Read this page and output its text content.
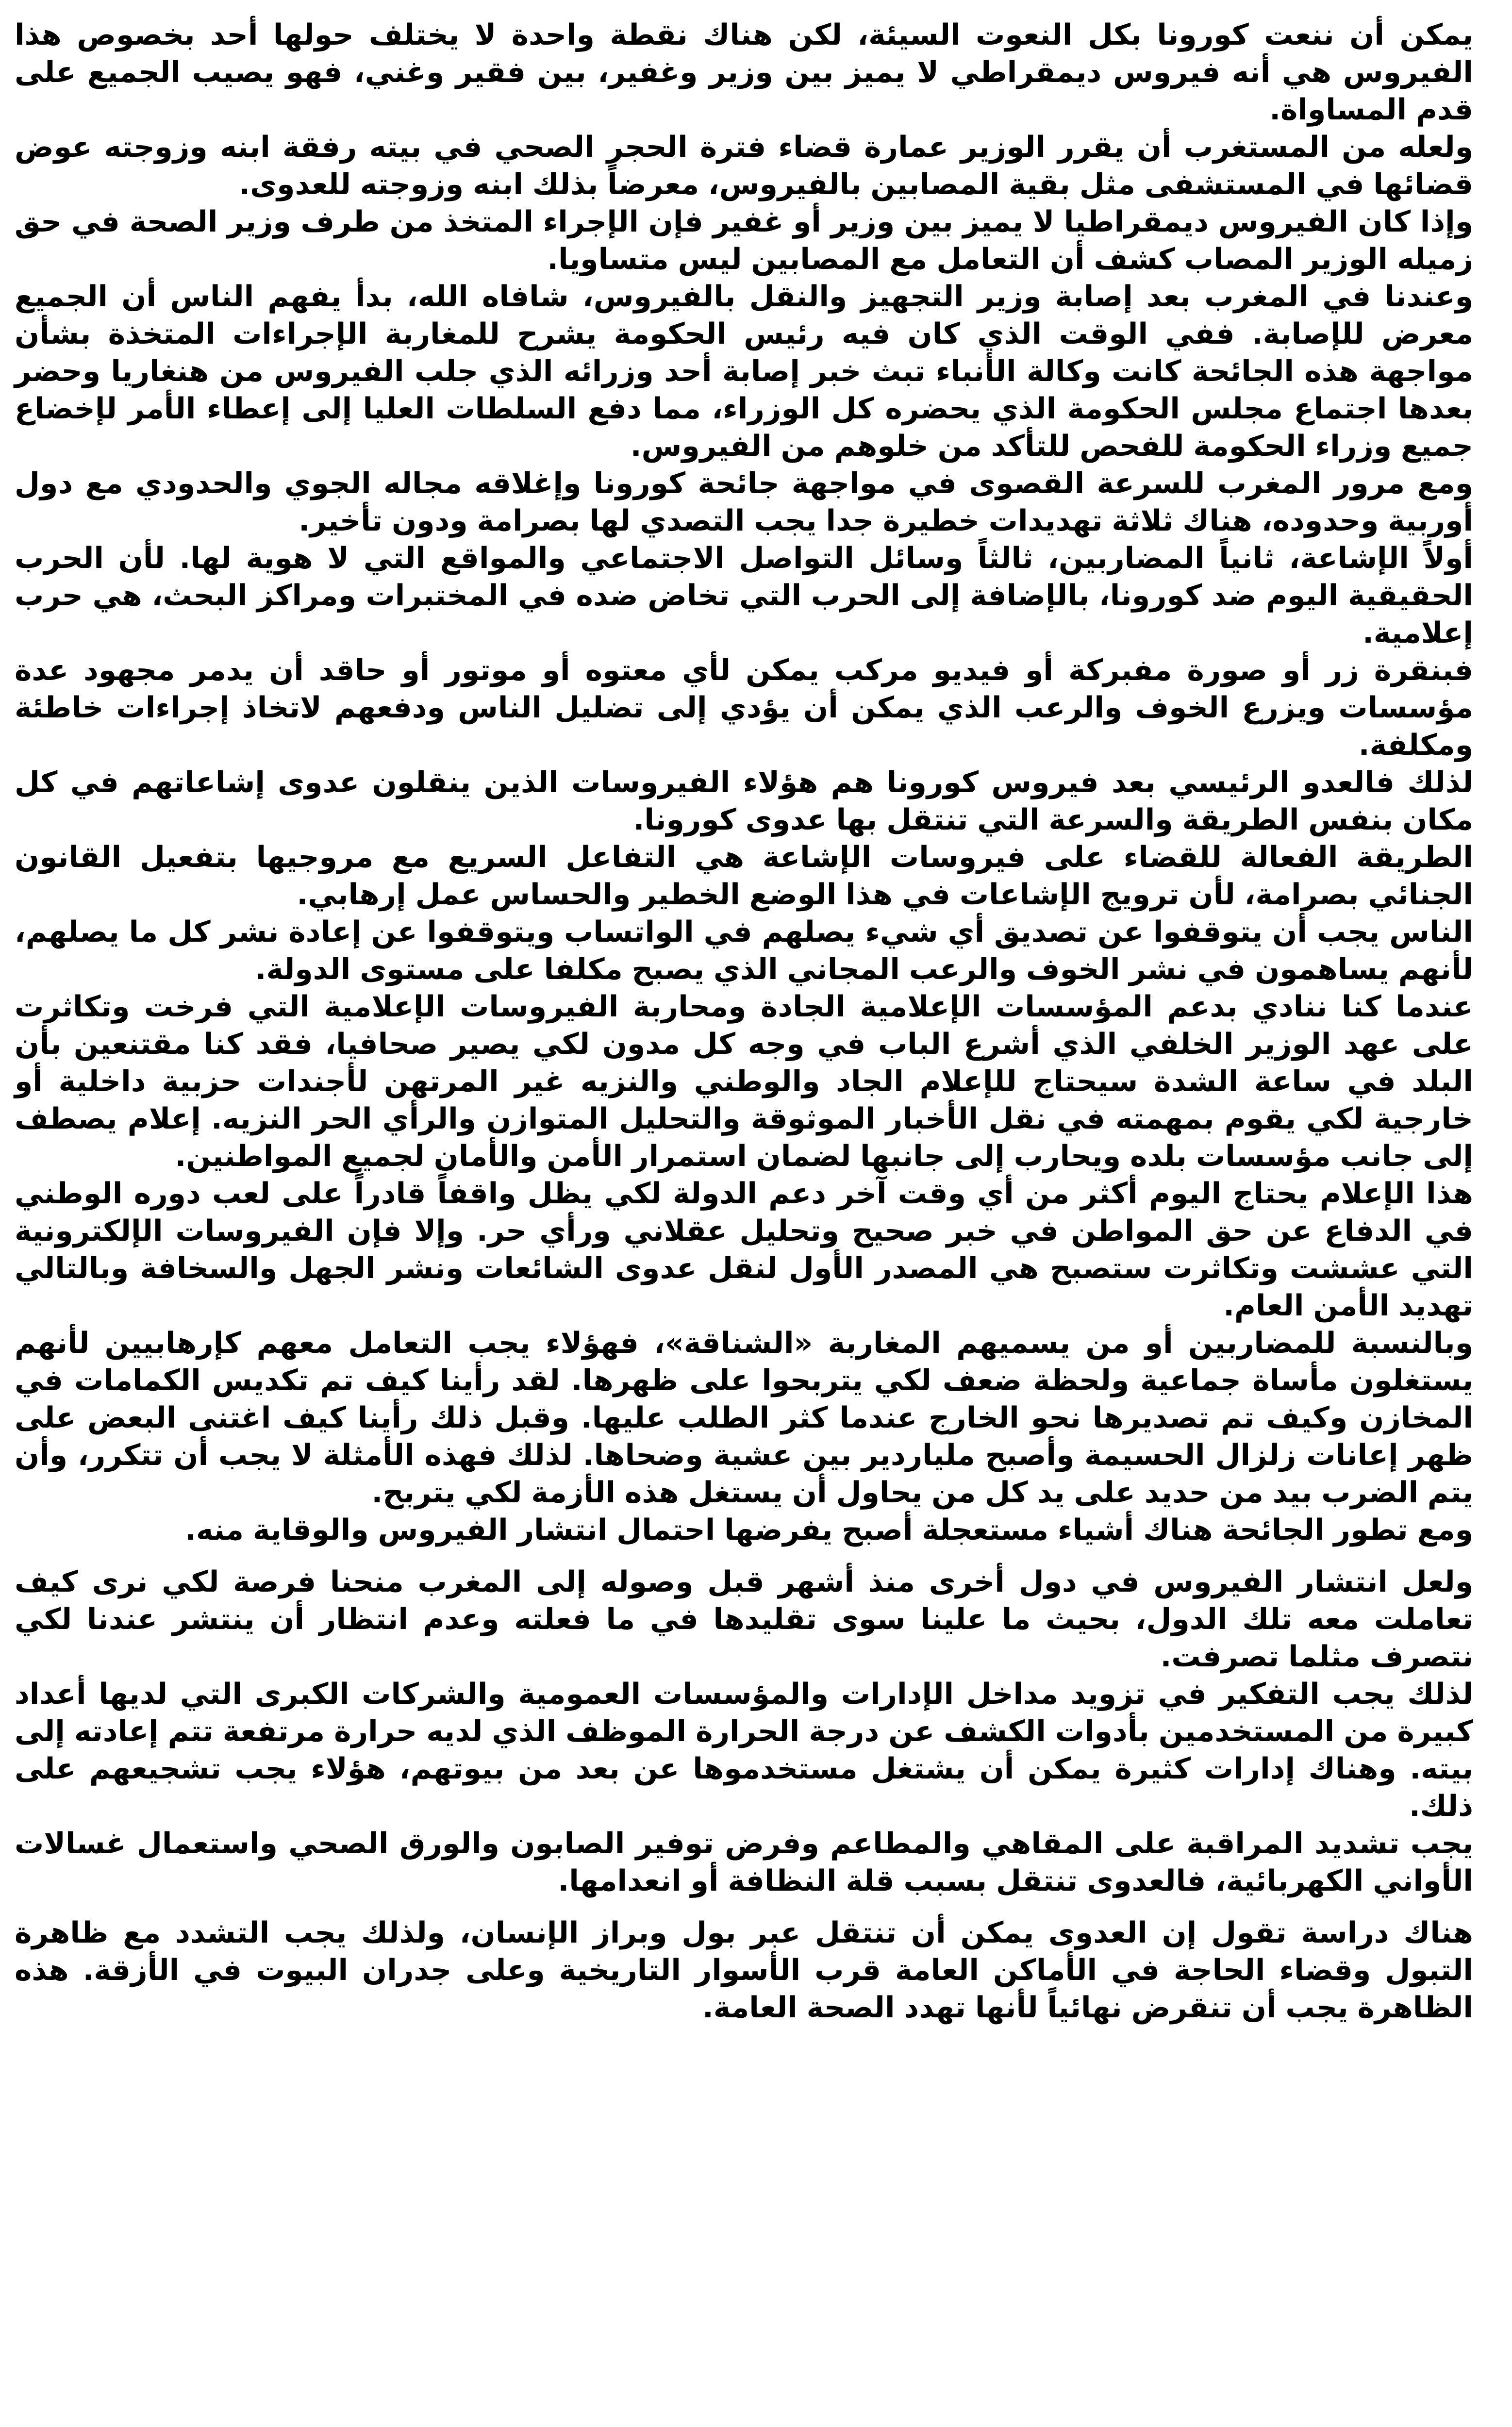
يمكن أن ننعت كورونا بكل النعوت السيئة، لكن هناك نقطة واحدة لا يختلف حولها أحد بخصوص هذا الفيروس هي أنه فيروس ديمقراطي لا يميز بين وزير وغفير، بين فقير وغني، فهو يصيب الجميع على قدم المساواة.

ولعله من المستغرب أن يقرر الوزير عمارة قضاء فترة الحجر الصحي في بيته رفقة ابنه وزوجته عوض قضائها في المستشفى مثل بقية المصابين بالفيروس، معرضاً بذلك ابنه وزوجته للعدوى.

وإذا كان الفيروس ديمقراطيا لا يميز بين وزير أو غفير فإن الإجراء المتخذ من طرف وزير الصحة في حق زميله الوزير المصاب كشف أن التعامل مع المصابين ليس متساويا.

وعندنا في المغرب بعد إصابة وزير التجهيز والنقل بالفيروس، شافاه الله، بدأ يفهم الناس أن الجميع معرض للإصابة. ففي الوقت الذي كان فيه رئيس الحكومة يشرح للمغاربة الإجراءات المتخذة بشأن مواجهة هذه الجائحة كانت وكالة الأنباء تبث خبر إصابة أحد وزرائه الذي جلب الفيروس من هنغاريا وحضر بعدها اجتماع مجلس الحكومة الذي يحضره كل الوزراء، مما دفع السلطات العليا إلى إعطاء الأمر لإخضاع جميع وزراء الحكومة للفحص للتأكد من خلوهم من الفيروس.

ومع مرور المغرب للسرعة القصوى في مواجهة جائحة كورونا وإغلاقه مجاله الجوي والحدودي مع دول أوربية وحدوده، هناك ثلاثة تهديدات خطيرة جدا يجب التصدي لها بصرامة ودون تأخير.

أولاً الإشاعة، ثانياً المضاربين، ثالثاً وسائل التواصل الاجتماعي والمواقع التي لا هوية لها. لأن الحرب الحقيقية اليوم ضد كورونا، بالإضافة إلى الحرب التي تخاض ضده في المختبرات ومراكز البحث، هي حرب إعلامية.

فبنقرة زر أو صورة مفبركة أو فيديو مركب يمكن لأي معتوه أو موتور أو حاقد أن يدمر مجهود عدة مؤسسات ويزرع الخوف والرعب الذي يمكن أن يؤدي إلى تضليل الناس ودفعهم لاتخاذ إجراءات خاطئة ومكلفة.

لذلك فالعدو الرئيسي بعد فيروس كورونا هم هؤلاء الفيروسات الذين ينقلون عدوى إشاعاتهم في كل مكان بنفس الطريقة والسرعة التي تنتقل بها عدوى كورونا.

الطريقة الفعالة للقضاء على فيروسات الإشاعة هي التفاعل السريع مع مروجيها بتفعيل القانون الجنائي بصرامة، لأن ترويج الإشاعات في هذا الوضع الخطير والحساس عمل إرهابي.

الناس يجب أن يتوقفوا عن تصديق أي شيء يصلهم في الواتساب ويتوقفوا عن إعادة نشر كل ما يصلهم، لأنهم يساهمون في نشر الخوف والرعب المجاني الذي يصبح مكلفا على مستوى الدولة.

عندما كنا ننادي بدعم المؤسسات الإعلامية الجادة ومحاربة الفيروسات الإعلامية التي فرخت وتكاثرت على عهد الوزير الخلفي الذي أشرع الباب في وجه كل مدون لكي يصير صحافيا، فقد كنا مقتنعين بأن البلد في ساعة الشدة سيحتاج للإعلام الجاد والوطني والنزيه غير المرتهن لأجندات حزبية داخلية أو خارجية لكي يقوم بمهمته في نقل الأخبار الموثوقة والتحليل المتوازن والرأي الحر النزيه. إعلام يصطف إلى جانب مؤسسات بلده ويحارب إلى جانبها لضمان استمرار الأمن والأمان لجميع المواطنين.

هذا الإعلام يحتاج اليوم أكثر من أي وقت آخر دعم الدولة لكي يظل واقفاً قادراً على لعب دوره الوطني في الدفاع عن حق المواطن في خبر صحيح وتحليل عقلاني ورأي حر. وإلا فإن الفيروسات الإلكترونية التي عششت وتكاثرت ستصبح هي المصدر الأول لنقل عدوى الشائعات ونشر الجهل والسخافة وبالتالي تهديد الأمن العام.

وبالنسبة للمضاربين أو من يسميهم المغاربة «الشناقة»، فهؤلاء يجب التعامل معهم كإرهابيين لأنهم يستغلون مأساة جماعية ولحظة ضعف لكي يتربحوا على ظهرها. لقد رأينا كيف تم تكديس الكمامات في المخازن وكيف تم تصديرها نحو الخارج عندما كثر الطلب عليها. وقبل ذلك رأينا كيف اغتنى البعض على ظهر إعانات زلزال الحسيمة وأصبح ملياردير بين عشية وضحاها. لذلك فهذه الأمثلة لا يجب أن تتكرر، وأن يتم الضرب بيد من حديد على يد كل من يحاول أن يستغل هذه الأزمة لكي يتربح.

ومع تطور الجائحة هناك أشياء مستعجلة أصبح يفرضها احتمال انتشار الفيروس والوقاية منه.

ولعل انتشار الفيروس في دول أخرى منذ أشهر قبل وصوله إلى المغرب منحنا فرصة لكي نرى كيف تعاملت معه تلك الدول، بحيث ما علينا سوى تقليدها في ما فعلته وعدم انتظار أن ينتشر عندنا لكي نتصرف مثلما تصرفت.

لذلك يجب التفكير في تزويد مداخل الإدارات والمؤسسات العمومية والشركات الكبرى التي لديها أعداد كبيرة من المستخدمين بأدوات الكشف عن درجة الحرارة الموظف الذي لديه حرارة مرتفعة تتم إعادته إلى بيته. وهناك إدارات كثيرة يمكن أن يشتغل مستخدموها عن بعد من بيوتهم، هؤلاء يجب تشجيعهم على ذلك.

يجب تشديد المراقبة على المقاهي والمطاعم وفرض توفير الصابون والورق الصحي واستعمال غسالات الأواني الكهربائية، فالعدوى تنتقل بسبب قلة النظافة أو انعدامها.

هناك دراسة تقول إن العدوى يمكن أن تنتقل عبر بول وبراز الإنسان، ولذلك يجب التشدد مع ظاهرة التبول وقضاء الحاجة في الأماكن العامة قرب الأسوار التاريخية وعلى جدران البيوت في الأزقة. هذه الظاهرة يجب أن تنقرض نهائياً لأنها تهدد الصحة العامة.
